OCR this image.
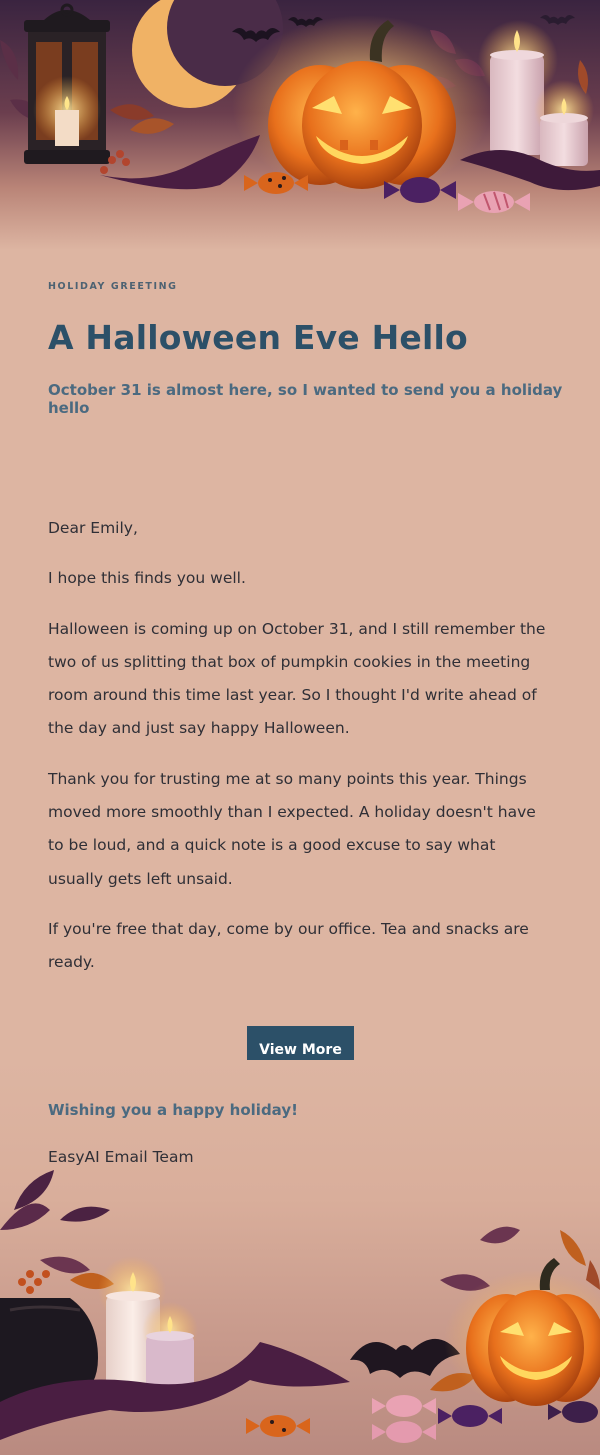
HOLIDAY GREETING
A Halloween Eve Hello
October 31 is almost here, so I wanted to send you a holiday hello

Dear Emily,

I hope this finds you well.

Halloween is coming up on October 31, and I still remember the two of us splitting that box of pumpkin cookies in the meeting room around this time last year. So I thought I'd write ahead of the day and just say happy Halloween.

Thank you for trusting me at so many points this year. Things moved more smoothly than I expected. A holiday doesn't have to be loud, and a quick note is a good excuse to say what usually gets left unsaid.

If you're free that day, come by our office. Tea and snacks are ready.

View More
Wishing you a happy holiday!
EasyAI Email Team
